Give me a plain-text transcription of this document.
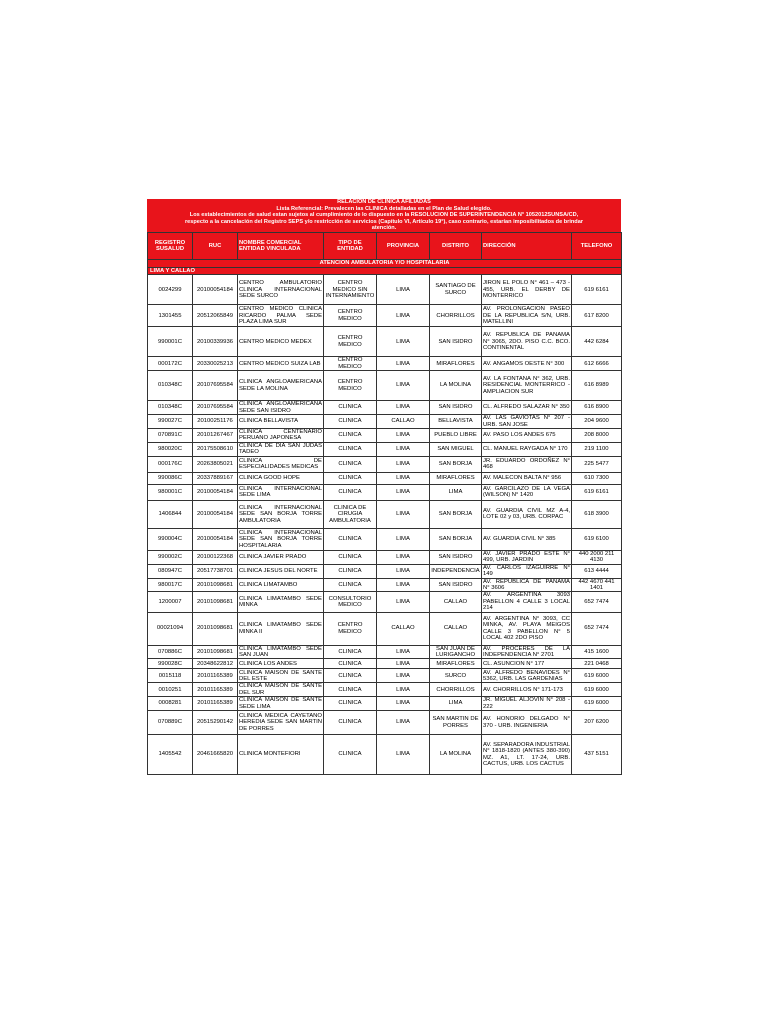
RELACION DE CLINICA AFILIADAS
Lista Referencial: Prevalecen las CLINICA detalladas en el Plan de Salud elegido.
Los establecimientos de salud estan sujetos al cumplimiento de lo dispuesto en la RESOLUCION DE SUPERINTENDENCIA N° 1052012SUNSA/CD,
respecto a la cancelación del Registro SEPS y/o restricción de servicios (Capítulo VI, Artículo 19°), caso contrario, estarían imposibilitados de brindar
atención.
REGISTRO SUSALUD	RUC	NOMBRE COMERCIAL ENTIDAD VINCULADA	TIPO DE ENTIDAD	PROVINCIA	DISTRITO	DIRECCIÓN	TELEFONO
ATENCION AMBULATORIA Y/O HOSPITALARIA							
LIMA Y CALLAO							
0024299	20100054184	CENTRO AMBULATORIO CLINICA INTERNACIONAL SEDE SURCO	CENTRO MEDICO SIN INTERNAMIENTO	LIMA	SANTIAGO DE SURCO	JIRON EL POLO N° 461 – 473 - 455, URB. EL DERBY DE MONTERRICO	619 6161
1301455	20512065849	CENTRO MEDICO CLINICA RICARDO PALMA SEDE PLAZA LIMA SUR	CENTRO MEDICO	LIMA	CHORRILLOS	AV. PROLONGACION PASEO DE LA REPUBLICA S/N, URB. MATELLINI	617 8200
990001C	20100339936	CENTRO MEDICO MEDEX	CENTRO MEDICO	LIMA	SAN ISIDRO	AV. REPUBLICA DE PANAMA N° 3065, 2DO. PISO C.C. BCO. CONTINENTAL	442 6284
000172C	20330025213	CENTRO MEDICO SUIZA LAB	CENTRO MEDICO	LIMA	MIRAFLORES	AV. ANGAMOS OESTE N° 300	612 6666
010348C	20107695584	CLINICA ANGLOAMERICANA SEDE LA MOLINA	CENTRO MEDICO	LIMA	LA MOLINA	AV. LA FONTANA N° 362, URB. RESIDENCIAL MONTERRICO - AMPLIACION SUR	616 8989
010348C	20107695584	CLINICA ANGLOAMERICANA SEDE SAN ISIDRO	CLINICA	LIMA	SAN ISIDRO	CL. ALFREDO SALAZAR N° 350	616 8900
990027C	20100251176	CLINICA BELLAVISTA	CLINICA	CALLAO	BELLAVISTA	AV. LAS GAVIOTAS N° 207 - URB. SAN JOSE	204 9600
070891C	20101267467	CLINICA CENTENARIO PERUANO JAPONESA	CLINICA	LIMA	PUEBLO LIBRE	AV. PASO LOS ANDES 675	208 8000
980020C	20175508610	CLINICA DE DIA SAN JUDAS TADEO	CLINICA	LIMA	SAN MIGUEL	CL. MANUEL RAYGADA N° 170	219 1100
000176C	20263805021	CLINICA DE ESPECIALIDADES MEDICAS	CLINICA	LIMA	SAN BORJA	JR. EDUARDO ORDOÑEZ N° 468	225 5477
990086C	20337889167	CLINICA GOOD HOPE	CLINICA	LIMA	MIRAFLORES	AV. MALECON BALTA N° 956	610 7300
980001C	20100054184	CLINICA INTERNACIONAL SEDE LIMA	CLINICA	LIMA	LIMA	AV. GARCILAZO DE LA VEGA (WILSON) N° 1420	619 6161
1406844	20100054184	CLINICA INTERNACIONAL SEDE SAN BORJA TORRE AMBULATORIA	CLINICA DE CIRUGIA AMBULATORIA	LIMA	SAN BORJA	AV. GUARDIA CIVIL MZ A-4, LOTE 02 y 03, URB. CORPAC	618 3900
990004C	20100054184	CLINICA INTERNACIONAL SEDE SAN BORJA TORRE HOSPITALARIA	CLINICA	LIMA	SAN BORJA	AV. GUARDIA CIVIL N° 385	619 6100
990002C	20100122368	CLINICA JAVIER PRADO	CLINICA	LIMA	SAN ISIDRO	AV. JAVIER PRADO ESTE N° 499, URB. JARDIN	440 2000 211 4130
080947C	20517738701	CLINICA JESUS DEL NORTE	CLINICA	LIMA	INDEPENDENCIA	AV. CARLOS IZAGUIRRE N° 149	613 4444
980017C	20101098681	CLINICA LIMATAMBO	CLINICA	LIMA	SAN ISIDRO	AV. REPUBLICA DE PANAMA N° 3606	442 4670 441 1401
1200007	20101098681	CLINICA LIMATAMBO SEDE MINKA	CONSULTORIO MEDICO	LIMA	CALLAO	AV. ARGENTINA 3093 PABELLON 4 CALLE 3 LOCAL 214	652 7474
00021094	20101098681	CLINICA LIMATAMBO SEDE MINKA II	CENTRO MEDICO	CALLAO	CALLAO	AV. ARGENTINA N° 3093, CC MINKA, AV. PLAYA MEIGOS CALLE 3 PABELLON N° 5 LOCAL 402 2DO PISO	652 7474
070886C	20101098681	CLINICA LIMATAMBO SEDE SAN JUAN	CLINICA	LIMA	SAN JUAN DE LURIGANCHO	AV. PROCERES DE LA INDEPENDENCIA N° 2701	415 1600
990028C	20348622812	CLINICA LOS ANDES	CLINICA	LIMA	MIRAFLORES	CL. ASUNCION N° 177	221 0468
0015118	20101165389	CLINICA MAISON DE SANTE DEL ESTE	CLINICA	LIMA	SURCO	AV. ALFREDO BENAVIDES N° 5362, URB. LAS GARDENIAS	619 6000
0010251	20101165389	CLINICA MAISON DE SANTE DEL SUR	CLINICA	LIMA	CHORRILLOS	AV. CHORRILLOS N° 171-173	619 6000
0008281	20101165389	CLINICA MAISON DE SANTE SEDE LIMA	CLINICA	LIMA	LIMA	JR. MIGUEL ALJOVIN N° 208 - 222	619 6000
070889C	20515290142	CLINICA MEDICA CAYETANO HEREDIA SEDE SAN MARTIN DE PORRES	CLINICA	LIMA	SAN MARTIN DE PORRES	AV. HONORIO DELGADO N° 370 - URB. INGENIERIA	207 6200
1405542	20461665820	CLINICA MONTEFIORI	CLINICA	LIMA	LA MOLINA	AV. SEPARADORA INDUSTRIAL N° 1818-1820 (ANTES 380-390) MZ. A1, LT. 17-24, URB. CACTUS, URB. LOS CACTUS	437 5151
